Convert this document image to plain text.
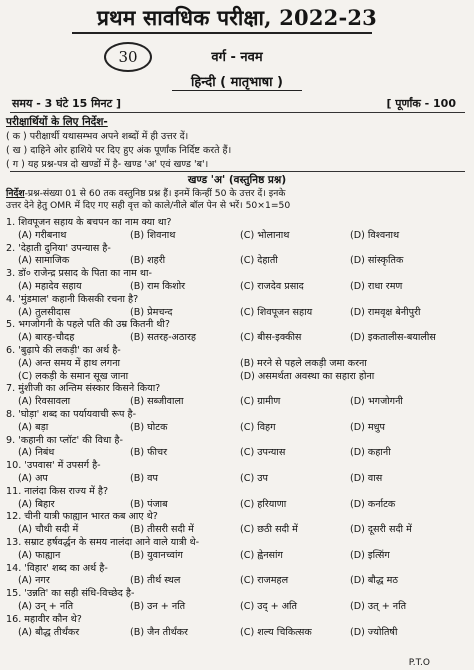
प्रथम सावधिक परीक्षा, 2022-23
30	वर्ग - नवम
हिन्दी ( मातृभाषा )
समय - 3 घंटे 15 मिनट ]	[ पूर्णांक - 100
परीक्षार्थियों के लिए निर्देश-
( क ) परीक्षार्थी यथासम्भव अपने शब्दों में ही उत्तर दें।
( ख ) दाहिने ओर हाशिये पर दिए हुए अंक पूर्णांक निर्दिष्ट करते हैं।
( ग ) यह प्रश्न-पत्र दो खण्डों में है- खण्ड 'अ' एवं खण्ड 'ब'।
खण्ड 'अ' (वस्तुनिष्ठ प्रश्न)
निर्देश-प्रश्न-संख्या 01 से 60 तक वस्तुनिष्ठ प्रश्न हैं। इनमें किन्हीं 50 के उत्तर दें। इनके
उत्तर देने हेतु OMR में दिए गए सही वृत्त को काले/नीले बॉल पेन से भरें। 50×1=50
1. शिवपूजन सहाय के बचपन का नाम क्या था?
(A) गरीबनाथ	(B) शिवनाथ	(C) भोलानाथ	(D) विश्वनाथ
2. 'देहाती दुनिया' उपन्यास है-
(A) सामाजिक	(B) शहरी	(C) देहाती	(D) सांस्कृतिक
3. डॉ० राजेन्द्र प्रसाद के पिता का नाम था-
(A) महादेव सहाय	(B) राम किशोर	(C) राजदेव प्रसाद	(D) राधा रमण
4. 'मुंडमाल' कहानी किसकी रचना है?
(A) तुलसीदास	(B) प्रेमचन्द	(C) शिवपूजन सहाय	(D) रामवृक्ष बेनीपुरी
5. भगजोगनी के पहले पति की उम्र कितनी थी?
(A) बारह-चौदह	(B) सतरह-अठारह	(C) बीस-इक्कीस	(D) इकतालीस-बयालीस
6. 'बुढ़ापे की लकड़ी' का अर्थ है-
(A) अन्त समय में हाथ लगना	(B) मरने से पहले लकड़ी जमा करना
(C) लकड़ी के समान सूख जाना	(D) असमर्थता अवस्था का सहारा होना
7. मुंशीजी का अन्तिम संस्कार किसने किया?
(A) रिवसावला	(B) सब्जीवाला	(C) ग्रामीण	(D) भगजोगनी
8. 'घोड़ा' शब्द का पर्यायवाची रूप है-
(A) बड़ा	(B) घोटक	(C) विहग	(D) मधुप
9. 'कहानी का प्लॉट' की विधा है-
(A) निबंध	(B) फीचर	(C) उपन्यास	(D) कहानी
10. 'उपवास' में उपसर्ग है-
(A) अप	(B) वप	(C) उप	(D) वास
11. नालंदा किस राज्य में है?
(A) बिहार	(B) पंजाब	(C) हरियाणा	(D) कर्नाटक
12. चीनी यात्री फाह्यान भारत कब आए थे?
(A) चौथी सदी में	(B) तीसरी सदी में	(C) छठी सदी में	(D) दूसरी सदी में
13. सम्राट हर्षवर्द्धन के समय नालंदा आने वाले यात्री थे-
(A) फाह्यान	(B) युवानच्वांग	(C) ह्वेनसांग	(D) इत्सिंग
14. 'विहार' शब्द का अर्थ है-
(A) नगर	(B) तीर्थ स्थल	(C) राजमहल	(D) बौद्ध मठ
15. 'उन्नति' का सही संधि-विच्छेद है-
(A) उन् + नति	(B) उन + नति	(C) उद् + अति	(D) उत् + नति
16. महावीर कौन थे?
(A) बौद्ध तीर्थंकर	(B) जैन तीर्थंकर	(C) शल्य चिकित्सक	(D) ज्योतिषी
P.T.O
